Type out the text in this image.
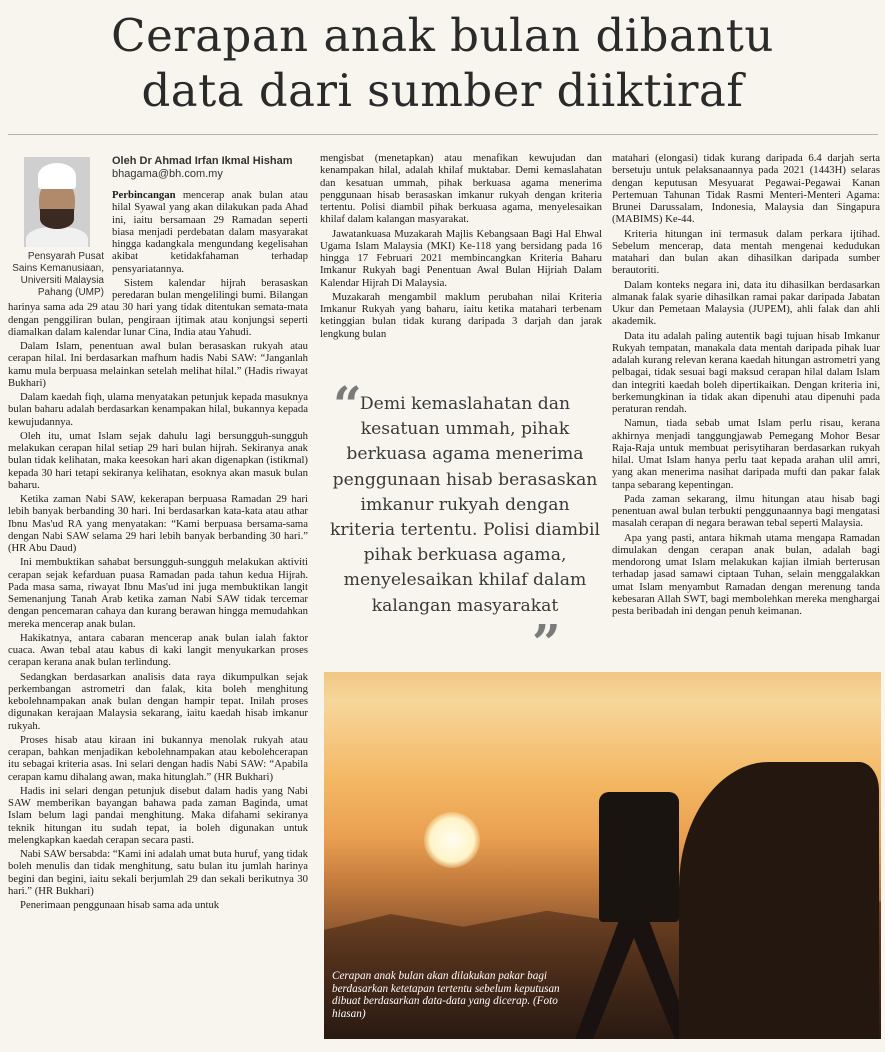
Cerapan anak bulan dibantu
data dari sumber diiktiraf
Pensyarah Pusat
Sains Kemanusiaan,
Universiti Malaysia
Pahang (UMP)
Oleh Dr Ahmad Irfan Ikmal Hisham
bhagama@bh.com.my

Perbincangan mencerap anak bulan atau hilal Syawal yang akan dilakukan pada Ahad ini, iaitu bersamaan 29 Ramadan seperti biasa menjadi perdebatan dalam masyarakat hingga kadangkala mengundang kegelisahan akibat ketidakfahaman terhadap pensyariatannya.

Sistem kalendar hijrah berasaskan peredaran bulan mengelilingi bumi. Bilangan harinya sama ada 29 atau 30 hari yang tidak ditentukan semata-mata dengan penggiliran bulan, pengiraan ijtimak atau konjungsi seperti diamalkan dalam kalendar lunar Cina, India atau Yahudi.

Dalam Islam, penentuan awal bulan berasaskan rukyah atau cerapan hilal. Ini berdasarkan mafhum hadis Nabi SAW: “Janganlah kamu mula berpuasa melainkan setelah melihat hilal.” (Hadis riwayat Bukhari)

Dalam kaedah fiqh, ulama menyatakan petunjuk kepada masuknya bulan baharu adalah berdasarkan kenampakan hilal, bukannya kepada kewujudannya.

Oleh itu, umat Islam sejak dahulu lagi bersungguh-sungguh melakukan cerapan hilal setiap 29 hari bulan hijrah. Sekiranya anak bulan tidak kelihatan, maka keesokan hari akan digenapkan (istikmal) kepada 30 hari tetapi sekiranya kelihatan, esoknya akan masuk bulan baharu.

Ketika zaman Nabi SAW, kekerapan berpuasa Ramadan 29 hari lebih banyak berbanding 30 hari. Ini berdasarkan kata-kata atau athar Ibnu Mas'ud RA yang menyatakan: “Kami berpuasa bersama-sama dengan Nabi SAW selama 29 hari lebih banyak berbanding 30 hari.” (HR Abu Daud)

Ini membuktikan sahabat bersungguh-sungguh melakukan aktiviti cerapan sejak kefarduan puasa Ramadan pada tahun kedua Hijrah. Pada masa sama, riwayat Ibnu Mas'ud ini juga membuktikan langit Semenanjung Tanah Arab ketika zaman Nabi SAW tidak tercemar dengan pencemaran cahaya dan kurang berawan hingga memudahkan mereka mencerap anak bulan.

Hakikatnya, antara cabaran mencerap anak bulan ialah faktor cuaca. Awan tebal atau kabus di kaki langit menyukarkan proses cerapan kerana anak bulan terlindung.

Sedangkan berdasarkan analisis data raya dikumpulkan sejak perkembangan astrometri dan falak, kita boleh menghitung kebolehnampakan anak bulan dengan hampir tepat. Inilah proses digunakan kerajaan Malaysia sekarang, iaitu kaedah hisab imkanur rukyah.

Proses hisab atau kiraan ini bukannya menolak rukyah atau cerapan, bahkan menjadikan kebolehnampakan atau kebolehcerapan itu sebagai kriteria asas. Ini selari dengan hadis Nabi SAW: “Apabila cerapan kamu dihalang awan, maka hitunglah.” (HR Bukhari)

Hadis ini selari dengan petunjuk disebut dalam hadis yang Nabi SAW memberikan bayangan bahawa pada zaman Baginda, umat Islam belum lagi pandai menghitung. Maka difahami sekiranya teknik hitungan itu sudah tepat, ia boleh digunakan untuk melengkapkan kaedah cerapan secara pasti.

Nabi SAW bersabda: “Kami ini adalah umat buta huruf, yang tidak boleh menulis dan tidak menghitung, satu bulan itu jumlah harinya begini dan begini, iaitu sekali berjumlah 29 dan sekali berikutnya 30 hari.” (HR Bukhari)

Penerimaan penggunaan hisab sama ada untuk

mengisbat (menetapkan) atau menafikan kewujudan dan kenampakan hilal, adalah khilaf muktabar. Demi kemaslahatan dan kesatuan ummah, pihak berkuasa agama menerima penggunaan hisab berasaskan imkanur rukyah dengan kriteria tertentu. Polisi diambil pihak berkuasa agama, menyelesaikan khilaf dalam kalangan masyarakat.

Jawatankuasa Muzakarah Majlis Kebangsaan Bagi Hal Ehwal Ugama Islam Malaysia (MKI) Ke-118 yang bersidang pada 16 hingga 17 Februari 2021 membincangkan Kriteria Baharu Imkanur Rukyah bagi Penentuan Awal Bulan Hijriah Dalam Kalendar Hijrah Di Malaysia.

Muzakarah mengambil maklum perubahan nilai Kriteria Imkanur Rukyah yang baharu, iaitu ketika matahari terbenam ketinggian bulan tidak kurang daripada 3 darjah dan jarak lengkung bulan

“
Demi kemaslahatan dan kesatuan ummah, pihak berkuasa agama menerima penggunaan hisab berasaskan imkanur rukyah dengan kriteria tertentu. Polisi diambil pihak berkuasa agama, menyelesaikan khilaf dalam kalangan masyarakat
”

matahari (elongasi) tidak kurang daripada 6.4 darjah serta bersetuju untuk pelaksanaannya pada 2021 (1443H) selaras dengan keputusan Mesyuarat Pegawai-Pegawai Kanan Pertemuan Tahunan Tidak Rasmi Menteri-Menteri Agama: Brunei Darussalam, Indonesia, Malaysia dan Singapura (MABIMS) Ke-44.

Kriteria hitungan ini termasuk dalam perkara ijtihad. Sebelum mencerap, data mentah mengenai kedudukan matahari dan bulan akan dihasilkan daripada sumber berautoriti.

Dalam konteks negara ini, data itu dihasilkan berdasarkan almanak falak syarie dihasilkan ramai pakar daripada Jabatan Ukur dan Pemetaan Malaysia (JUPEM), ahli falak dan ahli akademik.

Data itu adalah paling autentik bagi tujuan hisab Imkanur Rukyah tempatan, manakala data mentah daripada pihak luar adalah kurang relevan kerana kaedah hitungan astrometri yang pelbagai, tidak sesuai bagi maksud cerapan hilal dalam Islam dan integriti kaedah boleh dipertikaikan. Dengan kriteria ini, berkemungkinan ia tidak akan dipenuhi atau dipenuhi pada peraturan rendah.

Namun, tiada sebab umat Islam perlu risau, kerana akhirnya menjadi tanggungjawab Pemegang Mohor Besar Raja-Raja untuk membuat perisytiharan berdasarkan rukyah hilal. Umat Islam hanya perlu taat kepada arahan ulil amri, yang akan menerima nasihat daripada mufti dan pakar falak tanpa sebarang kepentingan.

Pada zaman sekarang, ilmu hitungan atau hisab bagi penentuan awal bulan terbukti penggunaannya bagi mengatasi masalah cerapan di negara berawan tebal seperti Malaysia.

Apa yang pasti, antara hikmah utama mengapa Ramadan dimulakan dengan cerapan anak bulan, adalah bagi mendorong umat Islam melakukan kajian ilmiah berterusan terhadap jasad samawi ciptaan Tuhan, selain menggalakkan umat Islam menyambut Ramadan dengan merenung tanda kebesaran Allah SWT, bagi membolehkan mereka menghargai pesta beribadah ini dengan penuh keimanan.

Cerapan anak bulan akan dilakukan pakar bagi berdasarkan ketetapan tertentu sebelum keputusan dibuat berdasarkan data-data yang dicerap. (Foto hiasan)
